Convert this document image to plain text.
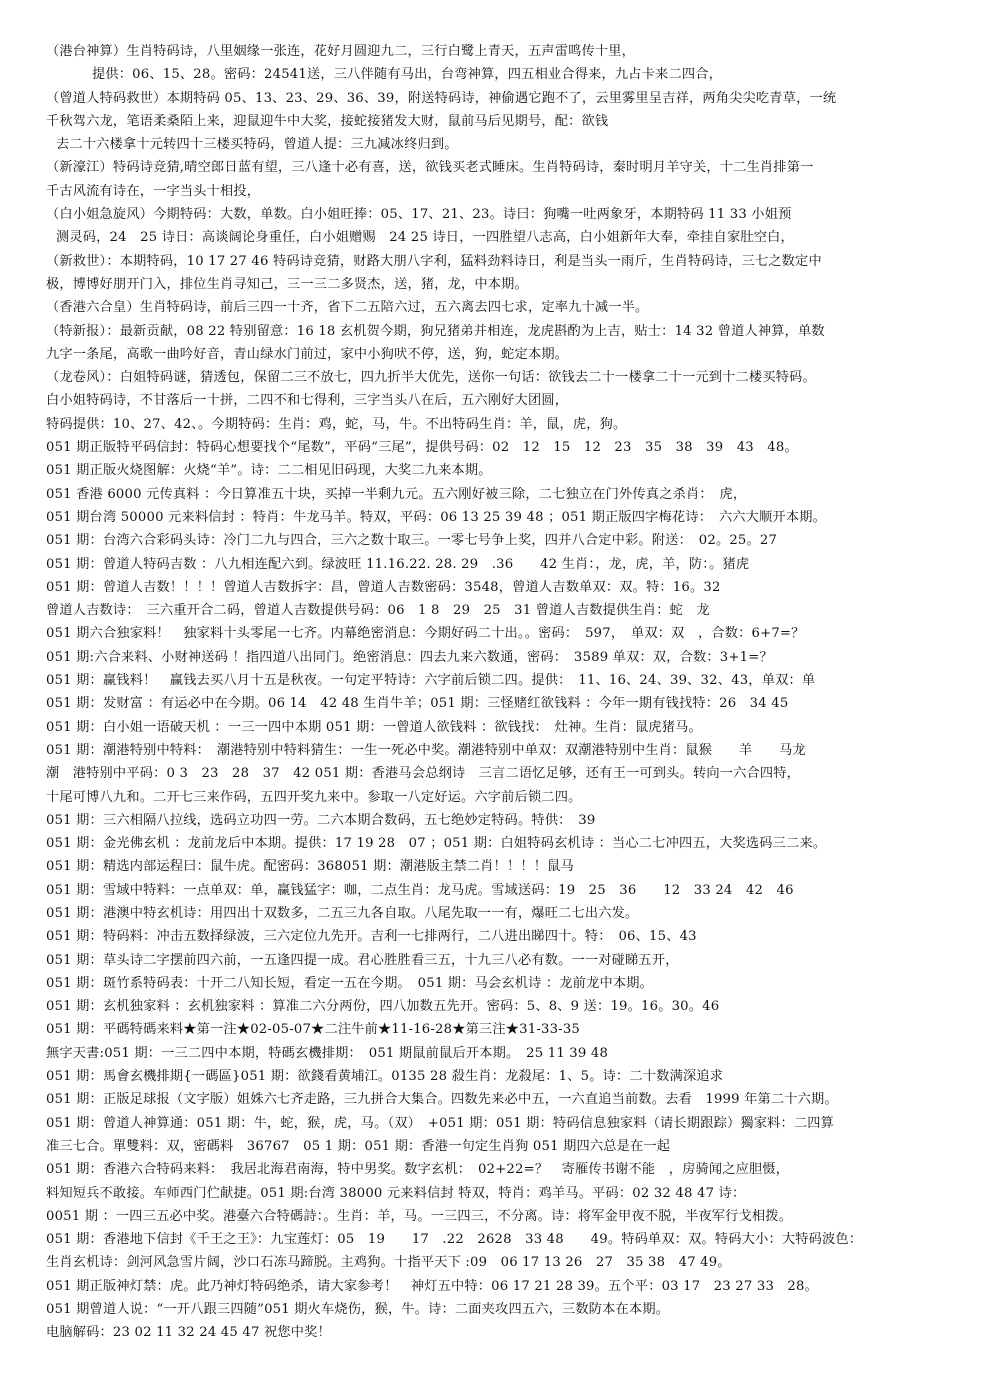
（港台神算）生肖特码诗，八里姻缘一张连，花好月圆迎九二，三行白鹭上青天，五声雷鸣传十里，
提供：06、15、28。密码：24541送，三八伴随有马出，台弯神算，四五相业合得来，九占卡来二四合，
（曾道人特码救世）本期特码 05、13、23、29、36、39，附送特码诗，神偷遇它跑不了，云里雾里呈吉祥，两角尖尖吃青草，一统
千秋驾六龙，笔语柔桑陌上来，迎鼠迎牛中大奖，接蛇接猪发大财，鼠前马后见期号，配：欲钱
去二十六楼拿十元转四十三楼买特码，曾道人提：三九减冰终归到。
（新濠江）特码诗竞猜,晴空郎日蓝有望，三八逢十必有喜，送，欲钱买老式睡床。生肖特码诗，秦时明月羊守关，十二生肖排第一
千古风流有诗在，一字当头十相投，
（白小姐急旋风）今期特码：大数，单数。白小姐旺捧：05、17、21、23。诗曰：狗嘴一吐两象牙，本期特码 11 33 小姐预
测灵码，24　25 诗日：高谈阔论身重任，白小姐赠赐　24 25 诗日，一四胜望八志高，白小姐新年大奉，牵挂自家肚空白，
（新救世）：本期特码，10 17 27 46 特码诗竞猜，财路大朋八字利，猛料劲料诗日，利是当头一雨斤，生肖特码诗，三七之数定中
极，博博好朋开门入，排位生肖寻知己，三一三二多贤杰，送，猪，龙，中本期。
（香港六合皇）生肖特码诗，前后三四一十齐，省下二五陪六过，五六离去四七求，定率九十减一半。
（特新报）：最新贡献，08 22 特别留意：16 18 玄机贺今期，狗兄猪弟并相连，龙虎斟酌为上吉，贴士：14 32 曾道人神算，单数
九字一条尾，高歌一曲吟好音，青山绿水门前过，家中小狗吠不停，送，狗，蛇定本期。
（龙卷风）：白姐特码谜，猜透包，保留二三不放七，四九折半大优先，送你一句话：欲钱去二十一楼拿二十一元到十二楼买特码。
白小姐特码诗，不甘落后一十拼，二四不和七得利，三字当头八在后，五六刚好大团圆，
特码提供：10、27、42、。今期特码：生肖：鸡，蛇，马，牛。不出特码生肖：羊，鼠，虎，狗。
051 期正版特平码信封：特码心想要找个“尾数”，平码“三尾”，提供号码：02　12　15　12　23　35　38　39　43　48。
051 期正版火烧图解：火烧“羊”。诗：二二相见旧码现，大奖二九来本期。
051 香港 6000 元传真料 ：今日算准五十块，买掉一半剩九元。五六刚好被三除，二七独立在门外传真之杀肖：　虎，
051 期台湾 50000 元来料信封 ：特肖：牛龙马羊。特双，平码：06 13 25 39 48 ；051 期正版四字梅花诗：　六六大顺开本期。
051 期：台湾六合彩码头诗：冷门二九与四合，三六之数十取三。一零七号争上奖，四并八合定中彩。附送：　02。25。27
051 期：曾道人特码吉数 ：八九相连配六到。绿波旺 11.16.22. 28. 29　.36　　42 生肖：，龙，虎，羊，防：。猪虎
051 期：曾道人吉数！！！！曾道人吉数拆字：昌，曾道人吉数密码：3548，曾道人吉数单双：双。特：16。32
曾道人吉数诗：　三六重开合二码，曾道人吉数提供号码：06　1 8　29　25　31 曾道人吉数提供生肖：蛇　龙
051 期六合独家料！　独家料十头零尾一七齐。内幕绝密消息：今期好码二十出。。密码：　597，　单双：双　，合数：6+7=？
051 期:六合来料、小财神送码 ！指四道八出同门。绝密消息：四去九来六数通，密码：　3589 单双：双，合数：3+1=？
051 期：赢钱料！　赢钱去买八月十五是秋夜。一句定平特诗：六字前后锁二四。提供：　11、16、24、39、32、43，单双：单
051 期：发财富 ：有运必中在今期。06 14　42 48 生肖牛羊；051 期：三怪赌红欲钱料 ：今年一期有钱找特：26　34 45
051 期：白小姐一语破天机 ：一三一四中本期 051 期：一曾道人欲钱料 ：欲钱找：　灶神。生肖：鼠虎猪马。
051 期：潮港特别中特料：　潮港特别中特料猜生：一生一死必中奖。潮港特别中单双：双潮港特别中生肖：鼠猴　　羊　　马龙
潮　港特别中平码：0 3　23　28　37　42 051 期：香港马会总纲诗　三言二语忆足够，还有王一可到头。转向一六合四特，
十尾可博八九和。二开七三来作码，五四开奖九来中。参取一八定好运。六字前后锁二四。
051 期：三六相隔八拉线，选码立功四一劳。二六本期合数码，五七绝妙定特码。特供：　39
051 期：金光佛玄机 ：龙前龙后中本期。提供：17 19 28　07 ；051 期：白姐特码玄机诗 ：当心二七冲四五，大奖选码三二来。
051 期：精选内部运程曰：鼠牛虎。配密码：368051 期：潮港版主禁二肖！！！！鼠马
051 期：雪域中特料：一点单双：单，赢钱猛字：咖，二点生肖：龙马虎。雪域送码：19　25　36　　12　33 24　42　46
051 期：港澳中特玄机诗：用四出十双数多，二五三九各自取。八尾先取一一有，爆旺二七出六发。
051 期：特码料：冲击五数择绿波，三六定位九先开。吉利一七排两行，二八进出睇四十。特：　06、15、43
051 期：草头诗二字摆前四六前，一五逢四提一成。君心胜胜看三五，十九三八必有数。一一对碰睇五开，
051 期：斑竹系特码表：十开二八知长短，看定一五在今期。　051 期：马会玄机诗 ：龙前龙中本期。
051 期：玄机独家料 ：玄机独家料 ：算准二六分两份，四八加数五先开。密码：5、8、9 送：19。16。30。46
051 期：平碼特碼来料★第一注★02-05-07★二注牛前★11-16-28★第三注★31-33-35
無字天書:051 期：一三二四中本期，特碼玄機排期：　051 期鼠前鼠后开本期。　25 11 39 48
051 期：馬會玄機排期{一碼區}051 期：欲錢看黄埔江。0135 28 殺生肖：龙殺尾：1、5。诗：二十数满深追求
051 期：正版足球报（文字版）姐姝六七齐走路，三九拼合大集合。四数先来必中五，一六直追当前数。去看　1999 年第二十六期。
051 期：曾道人神算通：051 期：牛，蛇，猴，虎，马。（双）　+051 期：051 期：特码信息独家料（请长期跟踪）獨家料：二四算
准三七合。單雙料：双，密碼料　36767　05 1 期：051 期：香港一句定生肖狗 051 期四六总是在一起
051 期：香港六合特码来料：　我居北海君南海，特中男奖。数字玄机：　02+22=？　寄雁传书谢不能　，房骑闻之应胆慑，
料知短兵不敢接。车师西门伫献捷。051 期:台湾 38000 元来料信封 特双，特肖：鸡羊马。平码：02 32 48 47 诗：
0051 期 ：一四三五必中奖。港臺六合特碼詩：。生肖：羊，马。一三四三，不分离。诗：将军金甲夜不脱，半夜军行戈相拨。
051 期：香港地下信封《千王之王》：九宝莲灯：05　19　　17　.22　2628　33 48　　49。特码单双：双。特码大小：大特码波色：
生肖玄机诗：剑河风急雪片阔，沙口石冻马蹄脱。主鸡狗。十指平天下 :09　06 17 13 26　27　35 38　47 49。
051 期正版神灯禁：虎。此乃神灯特码绝杀，请大家参考！　神灯五中特：06 17 21 28 39。五个平：03 17　23 27 33　28。
051 期曾道人说：“一开八跟三四随”051 期火车烧伤，猴，牛。诗：二面夹攻四五六，三数防本在本期。
电脑解码：23 02 11 32 24 45 47 祝您中奖！
